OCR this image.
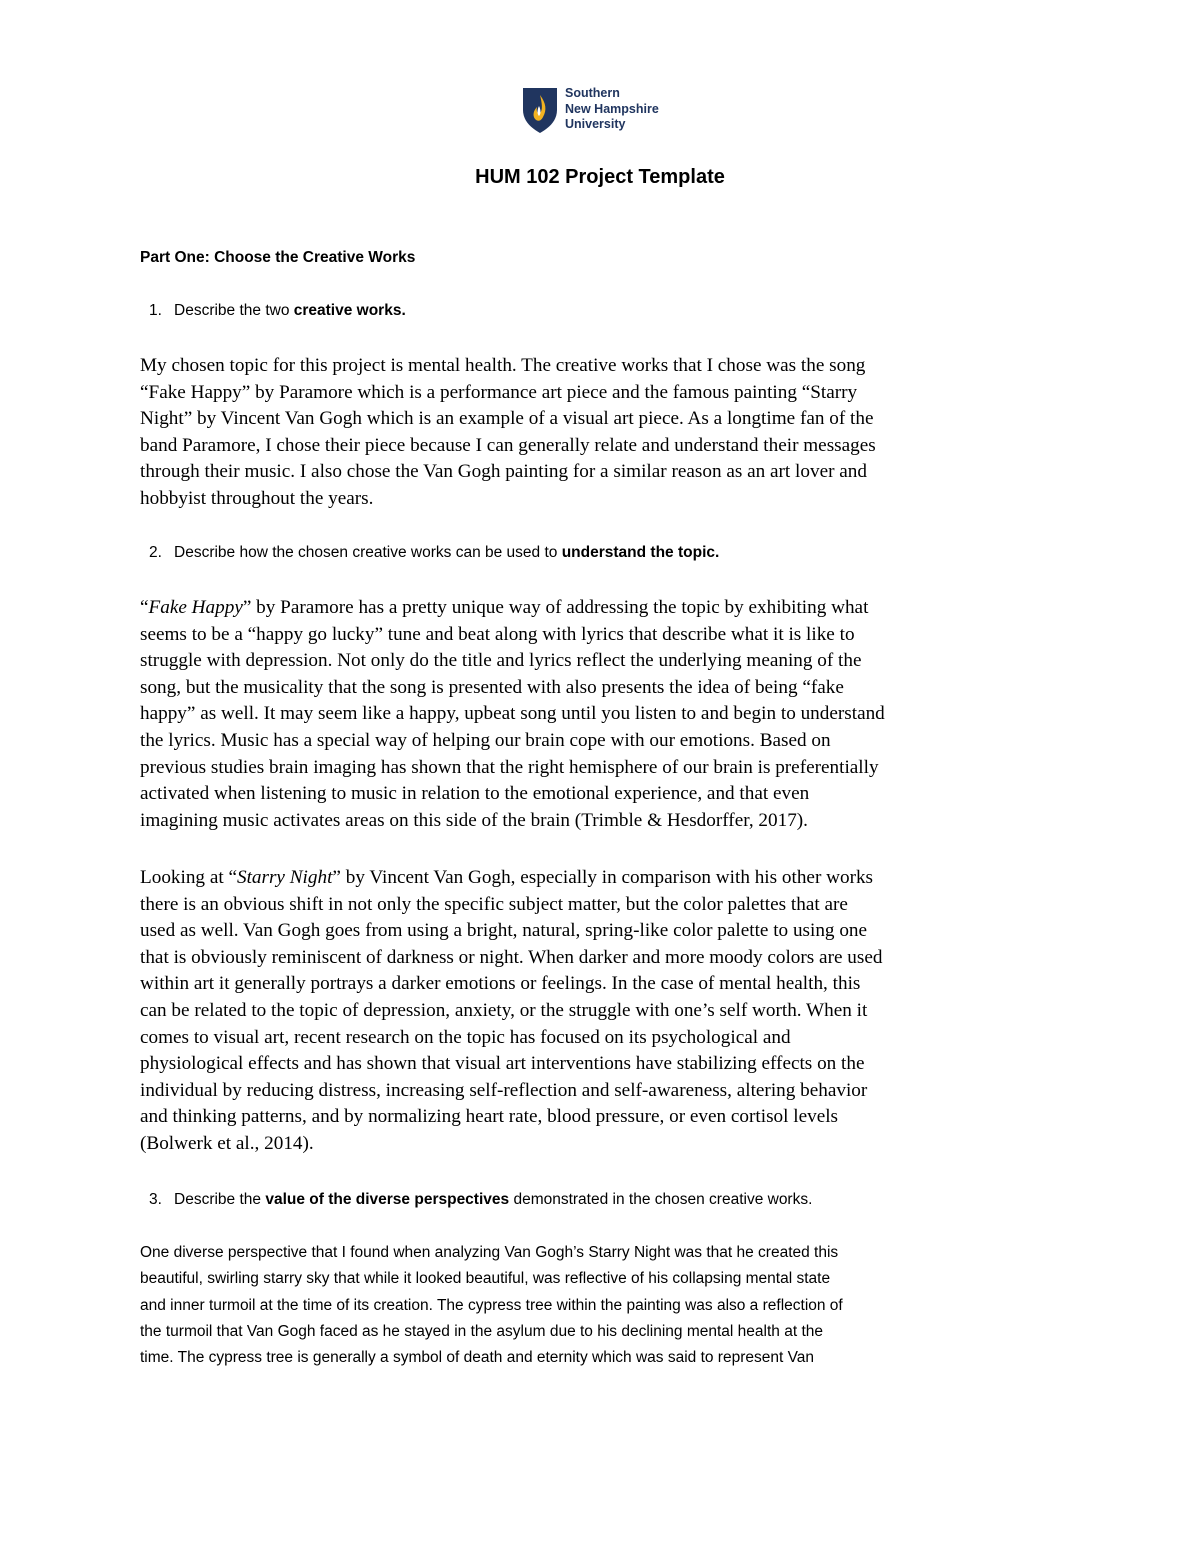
Southern
New Hampshire
University
HUM 102 Project Template
Part One: Choose the Creative Works
1. Describe the two creative works.
My chosen topic for this project is mental health. The creative works that I chose was the song
“Fake Happy” by Paramore which is a performance art piece and the famous painting “Starry
Night” by Vincent Van Gogh which is an example of a visual art piece. As a longtime fan of the
band Paramore, I chose their piece because I can generally relate and understand their messages
through their music. I also chose the Van Gogh painting for a similar reason as an art lover and
hobbyist throughout the years.
2. Describe how the chosen creative works can be used to understand the topic.
“Fake Happy” by Paramore has a pretty unique way of addressing the topic by exhibiting what
seems to be a “happy go lucky” tune and beat along with lyrics that describe what it is like to
struggle with depression. Not only do the title and lyrics reflect the underlying meaning of the
song, but the musicality that the song is presented with also presents the idea of being “fake
happy” as well. It may seem like a happy, upbeat song until you listen to and begin to understand
the lyrics. Music has a special way of helping our brain cope with our emotions. Based on
previous studies brain imaging has shown that the right hemisphere of our brain is preferentially
activated when listening to music in relation to the emotional experience, and that even
imagining music activates areas on this side of the brain (Trimble & Hesdorffer, 2017).
Looking at “Starry Night” by Vincent Van Gogh, especially in comparison with his other works
there is an obvious shift in not only the specific subject matter, but the color palettes that are
used as well. Van Gogh goes from using a bright, natural, spring-like color palette to using one
that is obviously reminiscent of darkness or night. When darker and more moody colors are used
within art it generally portrays a darker emotions or feelings. In the case of mental health, this
can be related to the topic of depression, anxiety, or the struggle with one’s self worth. When it
comes to visual art, recent research on the topic has focused on its psychological and
physiological effects and has shown that visual art interventions have stabilizing effects on the
individual by reducing distress, increasing self-reflection and self-awareness, altering behavior
and thinking patterns, and by normalizing heart rate, blood pressure, or even cortisol levels
(Bolwerk et al., 2014).
3. Describe the value of the diverse perspectives demonstrated in the chosen creative works.
One diverse perspective that I found when analyzing Van Gogh’s Starry Night was that he created this
beautiful, swirling starry sky that while it looked beautiful, was reflective of his collapsing mental state
and inner turmoil at the time of its creation. The cypress tree within the painting was also a reflection of
the turmoil that Van Gogh faced as he stayed in the asylum due to his declining mental health at the
time. The cypress tree is generally a symbol of death and eternity which was said to represent Van
